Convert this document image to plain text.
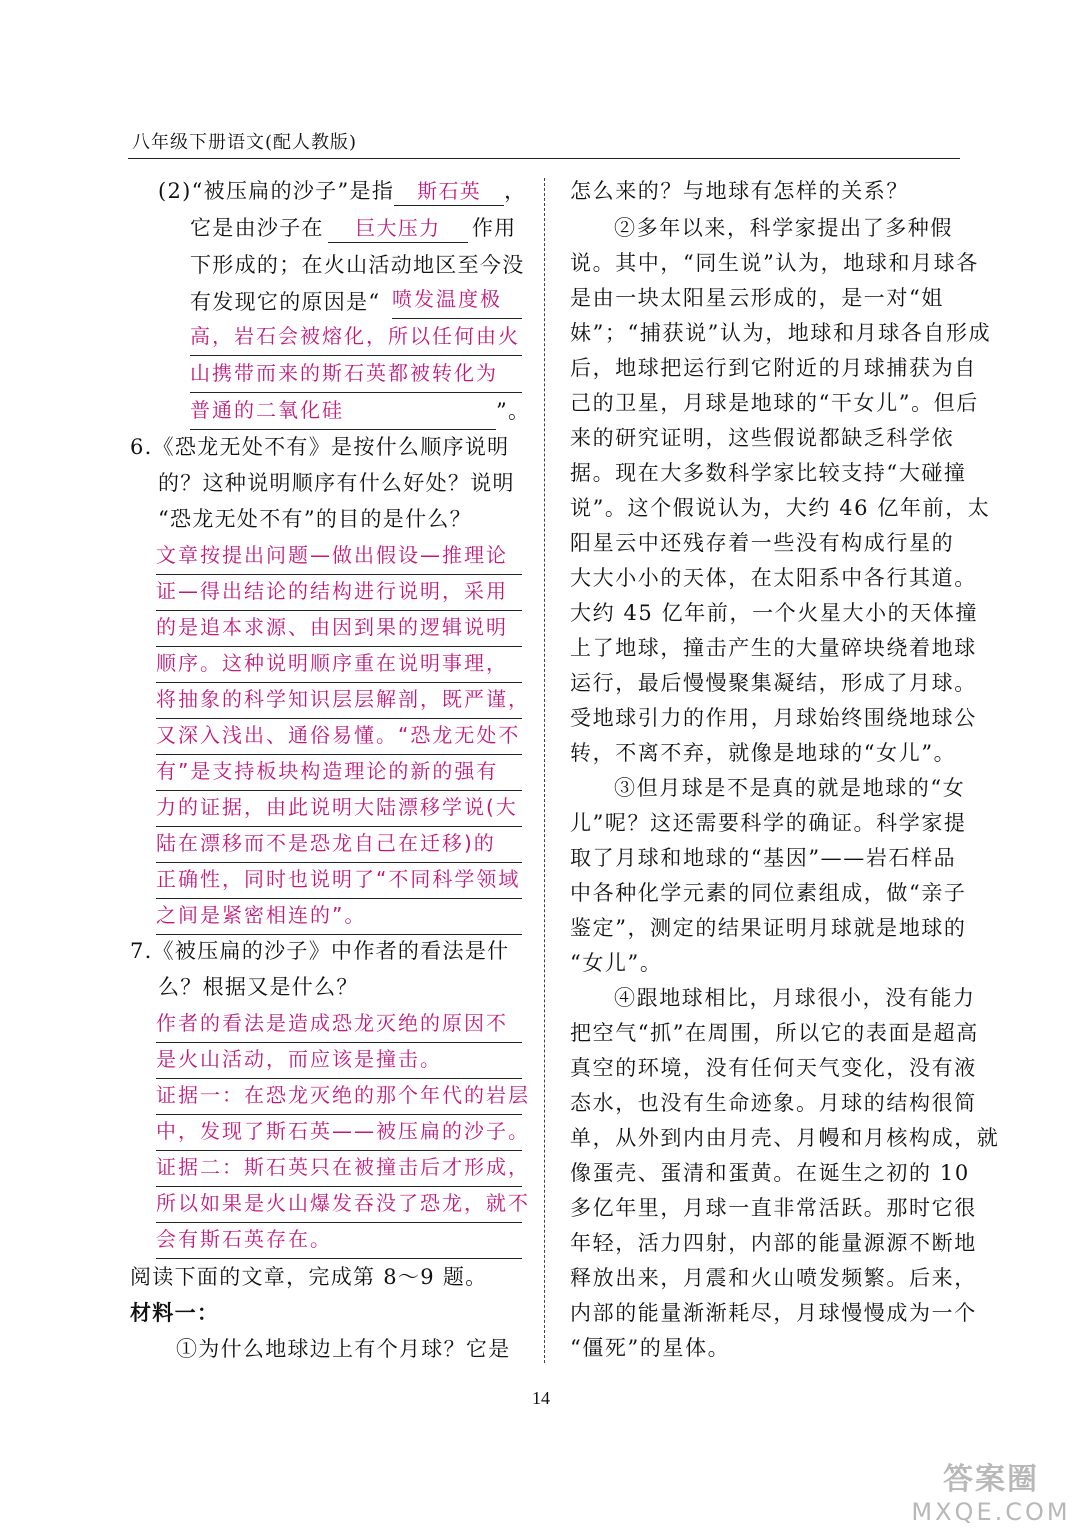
八年级下册语文(配人教版)
(2)“被压扁的沙子”是指 斯石英 ，
它是由沙子在 巨大压力 作用
下形成的；在火山活动地区至今没
有发现它的原因是“ 喷发温度极
高，岩石会被熔化，所以任何由火
山携带而来的斯石英都被转化为
普通的二氧化硅	”。
6.《恐龙无处不有》是按什么顺序说明
的？这种说明顺序有什么好处？说明
“恐龙无处不有”的目的是什么？
文章按提出问题—做出假设—推理论
证—得出结论的结构进行说明，采用
的是追本求源、由因到果的逻辑说明
顺序。这种说明顺序重在说明事理，
将抽象的科学知识层层解剖，既严谨，
又深入浅出、通俗易懂。“恐龙无处不
有”是支持板块构造理论的新的强有
力的证据，由此说明大陆漂移学说(大
陆在漂移而不是恐龙自己在迁移)的
正确性，同时也说明了“不同科学领域
之间是紧密相连的”。
7.《被压扁的沙子》中作者的看法是什
么？根据又是什么？
作者的看法是造成恐龙灭绝的原因不
是火山活动，而应该是撞击。
证据一：在恐龙灭绝的那个年代的岩层
中，发现了斯石英——被压扁的沙子。
证据二：斯石英只在被撞击后才形成，
所以如果是火山爆发吞没了恐龙，就不
会有斯石英存在。
阅读下面的文章，完成第 8～9 题。
材料一：
①为什么地球边上有个月球？它是
怎么来的？与地球有怎样的关系？
②多年以来，科学家提出了多种假
说。其中，“同生说”认为，地球和月球各
是由一块太阳星云形成的，是一对“姐
妹”；“捕获说”认为，地球和月球各自形成
后，地球把运行到它附近的月球捕获为自
己的卫星，月球是地球的“干女儿”。但后
来的研究证明，这些假说都缺乏科学依
据。现在大多数科学家比较支持“大碰撞
说”。这个假说认为，大约 46 亿年前，太
阳星云中还残存着一些没有构成行星的
大大小小的天体，在太阳系中各行其道。
大约 45 亿年前，一个火星大小的天体撞
上了地球，撞击产生的大量碎块绕着地球
运行，最后慢慢聚集凝结，形成了月球。
受地球引力的作用，月球始终围绕地球公
转，不离不弃，就像是地球的“女儿”。
③但月球是不是真的就是地球的“女
儿”呢？这还需要科学的确证。科学家提
取了月球和地球的“基因”——岩石样品
中各种化学元素的同位素组成，做“亲子
鉴定”，测定的结果证明月球就是地球的
“女儿”。
④跟地球相比，月球很小，没有能力
把空气“抓”在周围，所以它的表面是超高
真空的环境，没有任何天气变化，没有液
态水，也没有生命迹象。月球的结构很简
单，从外到内由月壳、月幔和月核构成，就
像蛋壳、蛋清和蛋黄。在诞生之初的 10
多亿年里，月球一直非常活跃。那时它很
年轻，活力四射，内部的能量源源不断地
释放出来，月震和火山喷发频繁。后来，
内部的能量渐渐耗尽，月球慢慢成为一个
“僵死”的星体。
14
答案圈
MXQE.COM
